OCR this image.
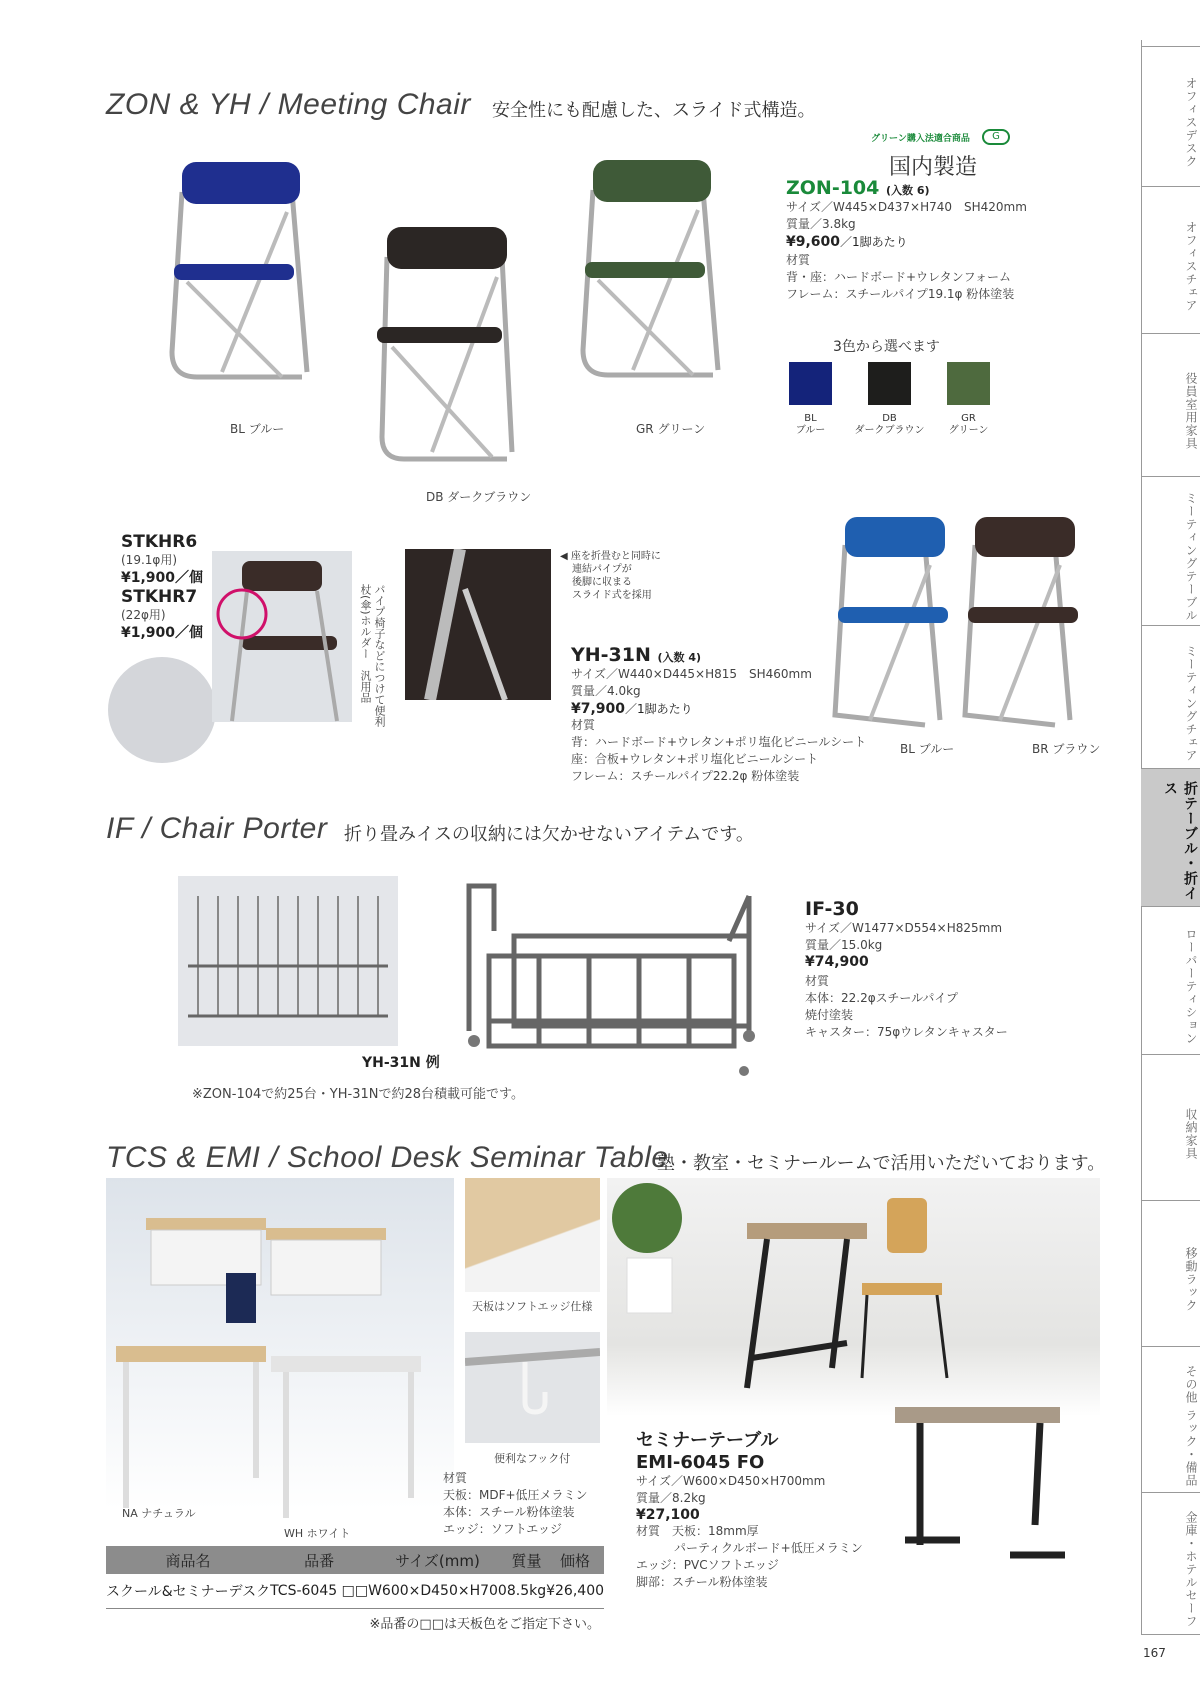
ZON & YH / Meeting Chair 安全性にも配慮した、スライド式構造。
グリーン購入法適合商品	G
国内製造
ZON-104 (入数 6)
サイズ／W445×D437×H740　SH420mm
質量／3.8kg
¥9,600／1脚あたり
材質
背・座：ハードボード+ウレタンフォーム
フレーム：スチールパイプ19.1φ 粉体塗装
BL ブルー	GR グリーン
DB ダークブラウン
3色から選べます
BL
ブルー
DB
ダークブラウン
GR
グリーン
STKHR6
(19.1φ用)
¥1,900／個
STKHR7
(22φ用)
¥1,900／個	パイプ椅子などにつけて便利 杖(傘)ホルダー　汎用品
◀ 座を折畳むと同時に
連結パイプが
後脚に収まる
スライド式を採用
YH-31N (入数 4)
サイズ／W440×D445×H815　SH460mm
質量／4.0kg
¥7,900／1脚あたり
材質
背：ハードボード+ウレタン+ポリ塩化ビニールシート
座：合板+ウレタン+ポリ塩化ビニールシート
フレーム：スチールパイプ22.2φ 粉体塗装
BL ブルー	BR ブラウン
IF / Chair Porter 折り畳みイスの収納には欠かせないアイテムです。
YH-31N 例
IF-30
サイズ／W1477×D554×H825mm
質量／15.0kg
¥74,900
材質
本体：22.2φスチールパイプ
焼付塗装
キャスター：75φウレタンキャスター
※ZON-104で約25台・YH-31Nで約28台積載可能です。
TCS & EMI / School Desk Seminar Table
塾・教室・セミナールームで活用いただいております。
NA ナチュラル
WH ホワイト
天板はソフトエッジ仕様
便利なフック付
材質
天板：MDF+低圧メラミン
本体：スチール粉体塗装
エッジ：ソフトエッジ
セミナーテーブル
EMI-6045 FO
サイズ／W600×D450×H700mm
質量／8.2kg
¥27,100
材質　天板：18mm厚
パーティクルボード+低圧メラミン
エッジ：PVCソフトエッジ
脚部：スチール粉体塗装
商品名	品番	サイズ(mm)	質量	価格
スクール&セミナーデスク	TCS-6045 □□	W600×D450×H700	8.5kg	¥26,400
※品番の□□は天板色をご指定下さい。
オフィスデスク
オフィスチェア
役員室用家具
ミーティングテーブル
ミーティングチェア
折テーブル・折イス
ローパーティション
収納家具
移動ラック
その他 ラック・備品
金庫・ホテルセーフ
167
